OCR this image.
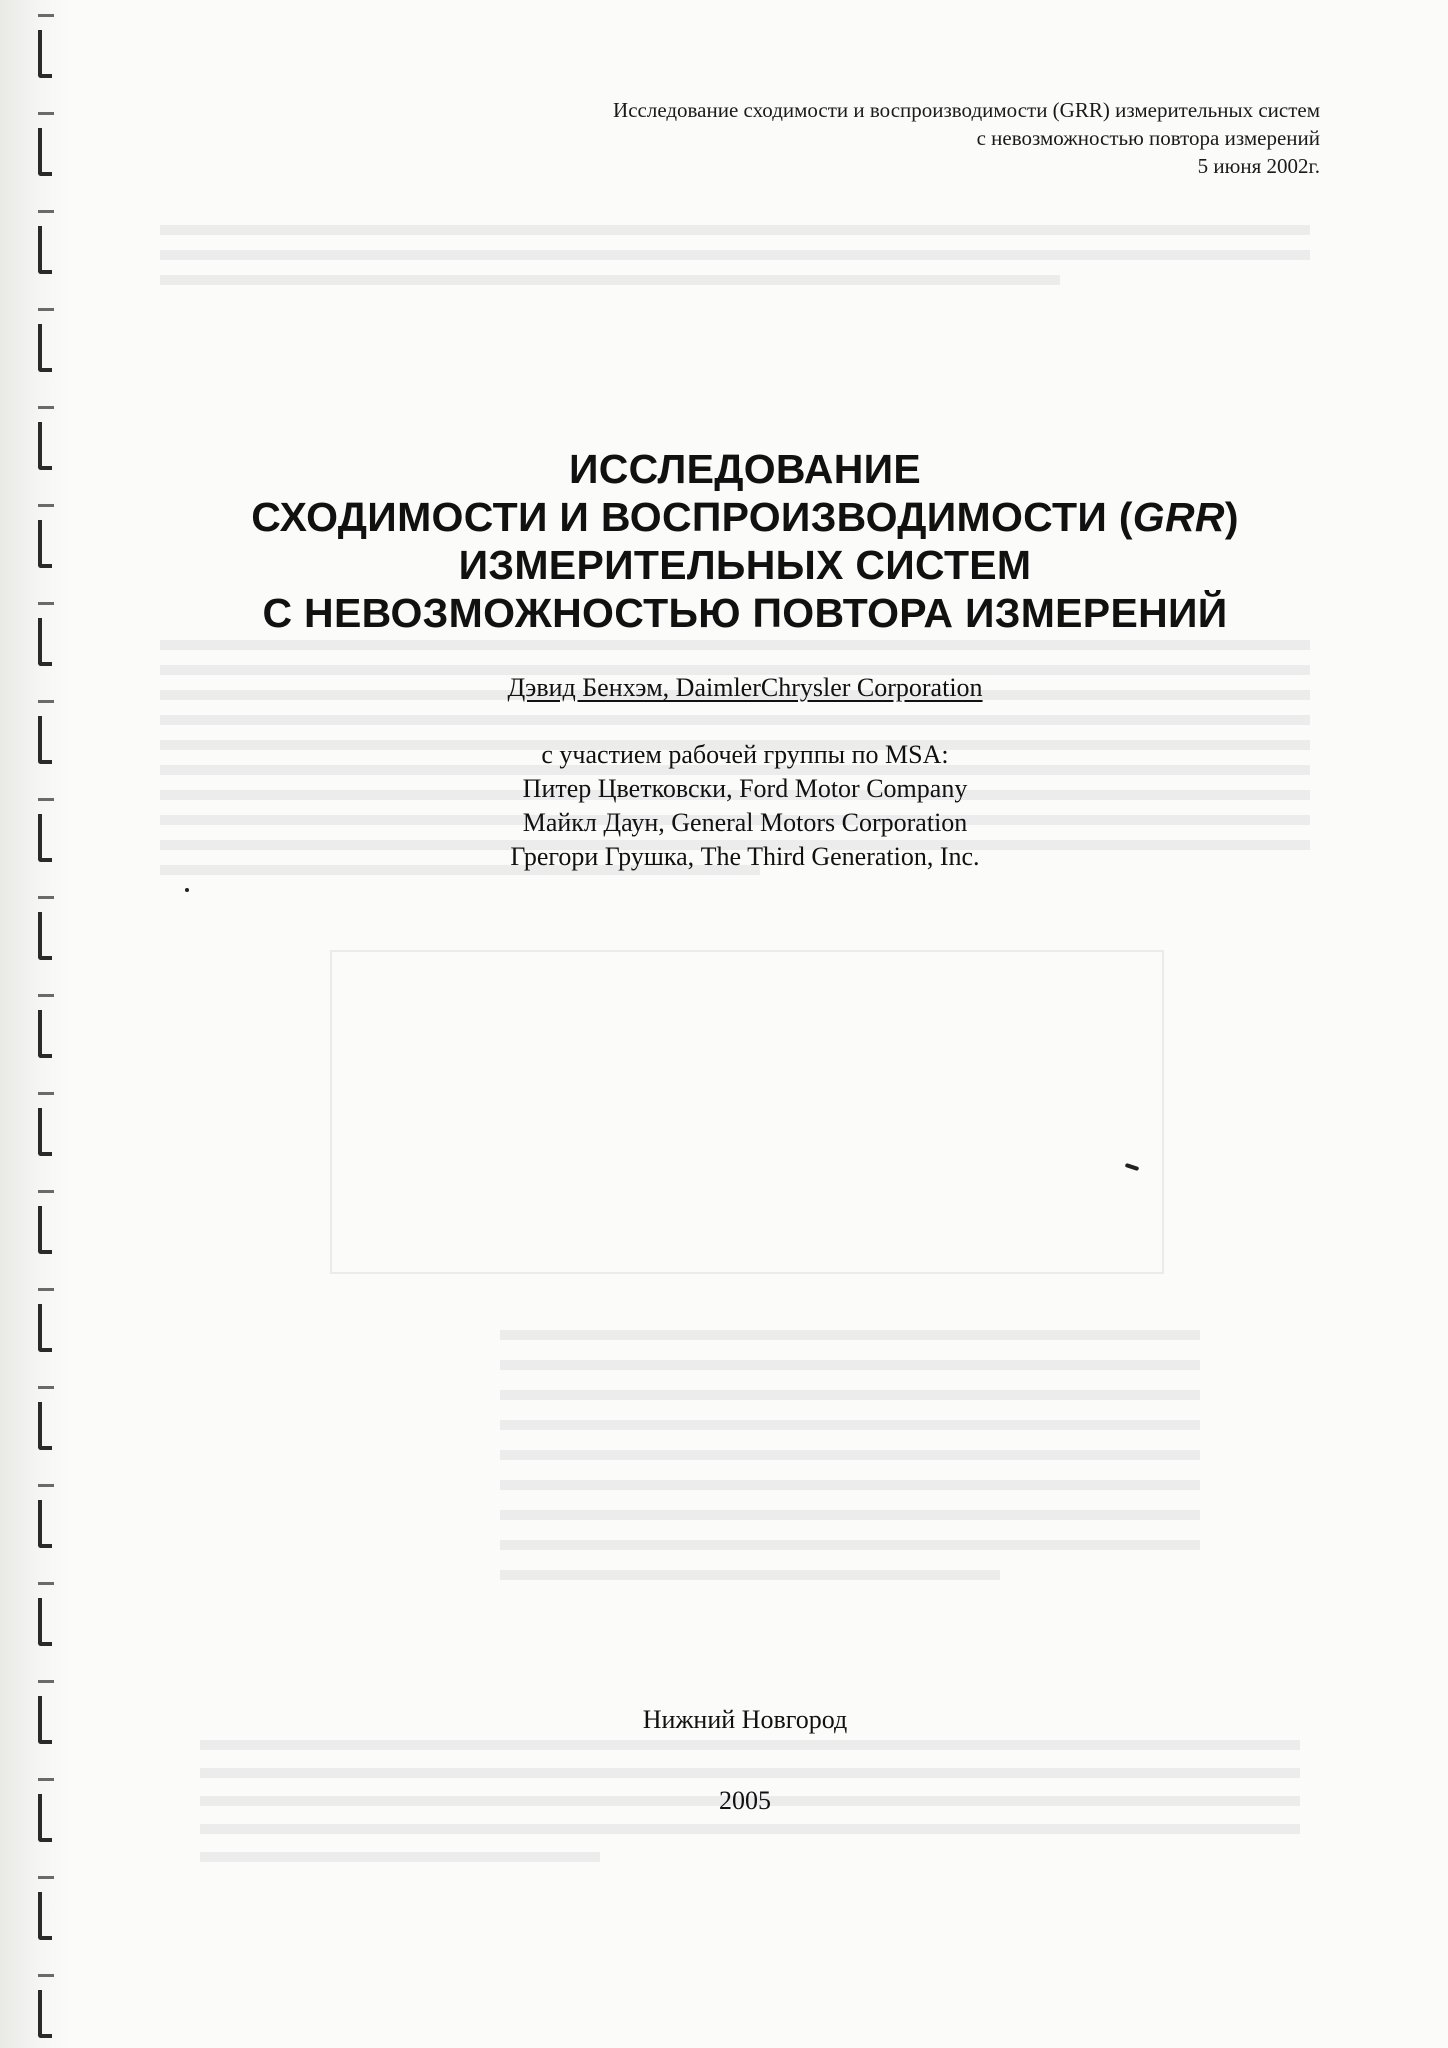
Исследование сходимости и воспроизводимости (GRR) измерительных систем
с невозможностью повтора измерений
5 июня 2002г.
ИССЛЕДОВАНИЕ
СХОДИМОСТИ И ВОСПРОИЗВОДИМОСТИ (GRR)
ИЗМЕРИТЕЛЬНЫХ СИСТЕМ
С НЕВОЗМОЖНОСТЬЮ ПОВТОРА ИЗМЕРЕНИЙ
Дэвид Бенхэм, DaimlerChrysler Corporation
с участием рабочей группы по MSA:
Питер Цветковски, Ford Motor Company
Майкл Даун, General Motors Corporation
Грегори Грушка, The Third Generation, Inc.
Нижний Новгород
2005
